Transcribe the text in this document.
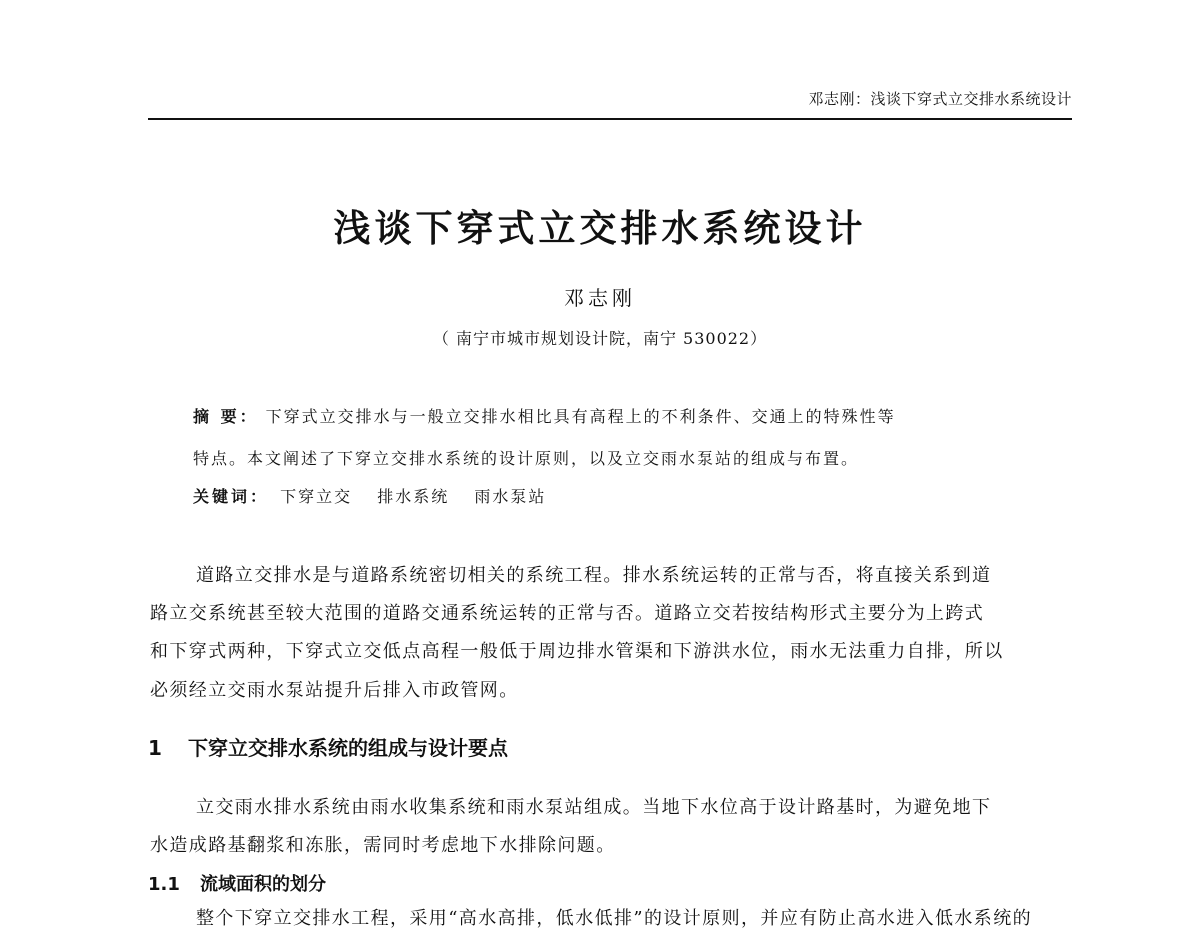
邓志刚：浅谈下穿式立交排水系统设计
浅谈下穿式立交排水系统设计
邓志刚
（ 南宁市城市规划设计院，南宁 530022）
摘 要： 下穿式立交排水与一般立交排水相比具有高程上的不利条件、交通上的特殊性等
特点。本文阐述了下穿立交排水系统的设计原则，以及立交雨水泵站的组成与布置。
关键词： 下穿立交 排水系统 雨水泵站
道路立交排水是与道路系统密切相关的系统工程。排水系统运转的正常与否，将直接关系到道
路立交系统甚至较大范围的道路交通系统运转的正常与否。道路立交若按结构形式主要分为上跨式
和下穿式两种，下穿式立交低点高程一般低于周边排水管渠和下游洪水位，雨水无法重力自排，所以
必须经立交雨水泵站提升后排入市政管网。
1 下穿立交排水系统的组成与设计要点
立交雨水排水系统由雨水收集系统和雨水泵站组成。当地下水位高于设计路基时，为避免地下
水造成路基翻浆和冻胀，需同时考虑地下水排除问题。
1.1 流域面积的划分
整个下穿立交排水工程，采用“高水高排，低水低排”的设计原则，并应有防止高水进入低水系统的
